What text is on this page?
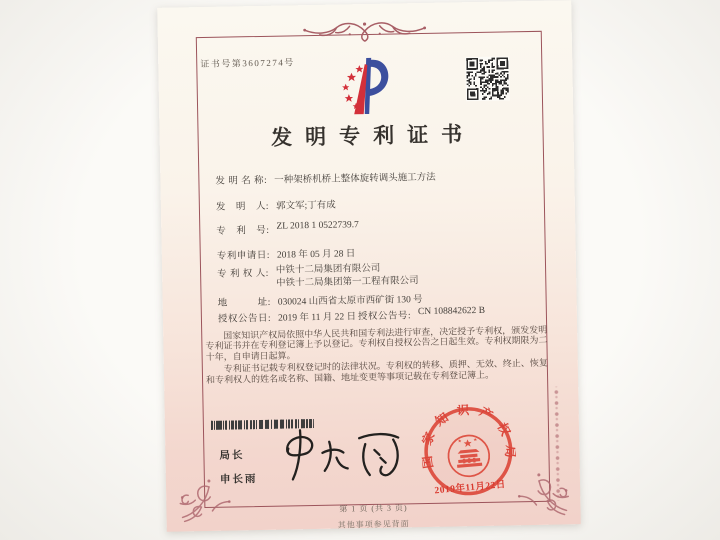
证书号第3607274号
发明专利证书
发 明 名 称: 一种架桥机桥上整体旋转调头施工方法
发　明　人: 郭文军;丁有成
专　利　号: ZL 2018 1 0522739.7
专利申请日: 2018 年 05 月 28 日
专 利 权 人: 中铁十二局集团有限公司
中铁十二局集团第一工程有限公司
地　　　址: 030024 山西省太原市西矿街 130 号
授权公告日: 2019 年 11 月 22 日 授权公告号: CN 108842622 B

国家知识产权局依照中华人民共和国专利法进行审查，决定授予专利权，颁发发明专利证书并在专利登记簿上予以登记。专利权自授权公告之日起生效。专利权期限为二十年，自申请日起算。

专利证书记载专利权登记时的法律状况。专利权的转移、质押、无效、终止、恢复和专利权人的姓名或名称、国籍、地址变更等事项记载在专利登记簿上。

局长
申长雨
国家知识产权局
2019年11月22日
第 1 页 (共 3 页)
其他事项参见背面
